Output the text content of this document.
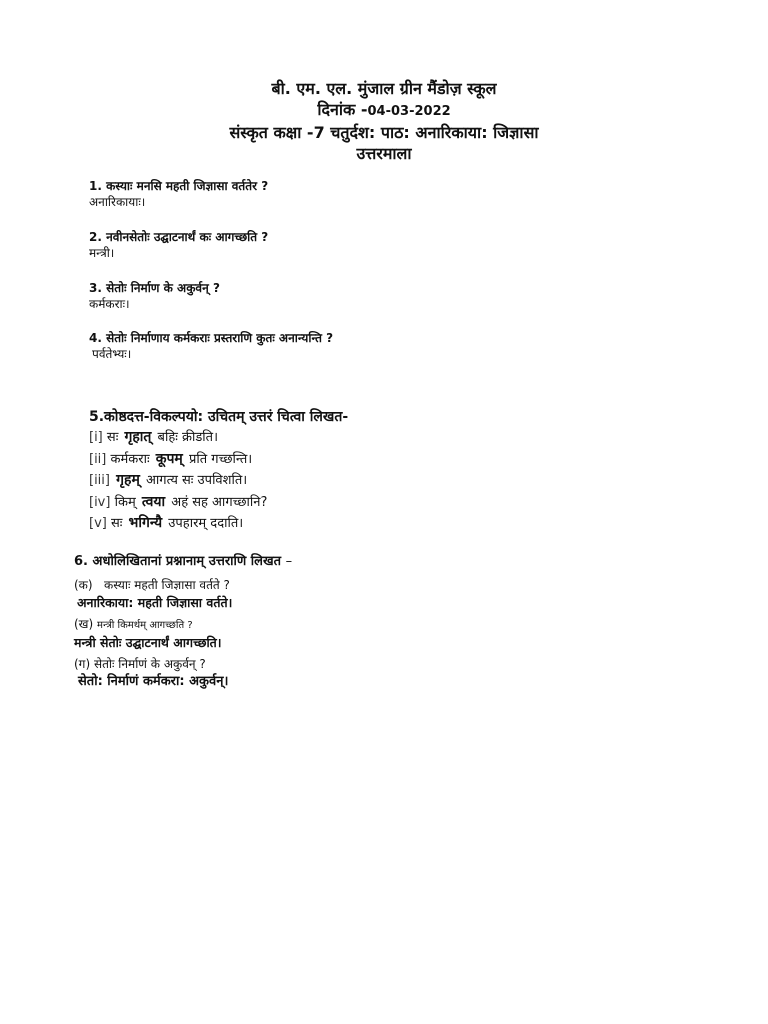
बी. एम. एल. मुंजाल ग्रीन मैंडोज़ स्कूल
दिनांक -04-03-2022
संस्कृत कक्षा -7 चतुर्दश: पाठ: अनारिकाया: जिज्ञासा
उत्तरमाला
1. कस्याः मनसि महती जिज्ञासा वर्ततेर ?
अनारिकायाः।
2. नवीनसेतोः उद्घाटनार्थं कः आगच्छति ?
मन्त्री।
3. सेतोः निर्माण के अकुर्वन् ?
कर्मकराः।
4. सेतोः निर्माणाय कर्मकराः प्रस्तराणि कुतः अनान्यन्ति ?
पर्वतेभ्यः।
5.कोष्ठदत्त-विकल्पयो: उचितम् उत्तरं चित्वा लिखत-
[i] सः गृहात् बहिः क्रीडति।
[ii] कर्मकराः कूपम् प्रति गच्छन्ति।
[iii] गृहम् आगत्य सः उपविशति।
[iv] किम् त्वया अहं सह आगच्छानि?
[v] सः भगिन्यै उपहारम् ददाति।
6. अधोलिखितानां प्रश्नानाम् उत्तराणि लिखत –
(क) कस्याः महती जिज्ञासा वर्तते ?
अनारिकाया: महती जिज्ञासा वर्तते।
(ख) मन्त्री किमर्थम् आगच्छति ?
मन्त्री सेतोः उद्घाटनार्थं आगच्छति।
(ग) सेतोः निर्माणं के अकुर्वन् ?
सेतो: निर्माणं कर्मकरा: अकुर्वन्।
